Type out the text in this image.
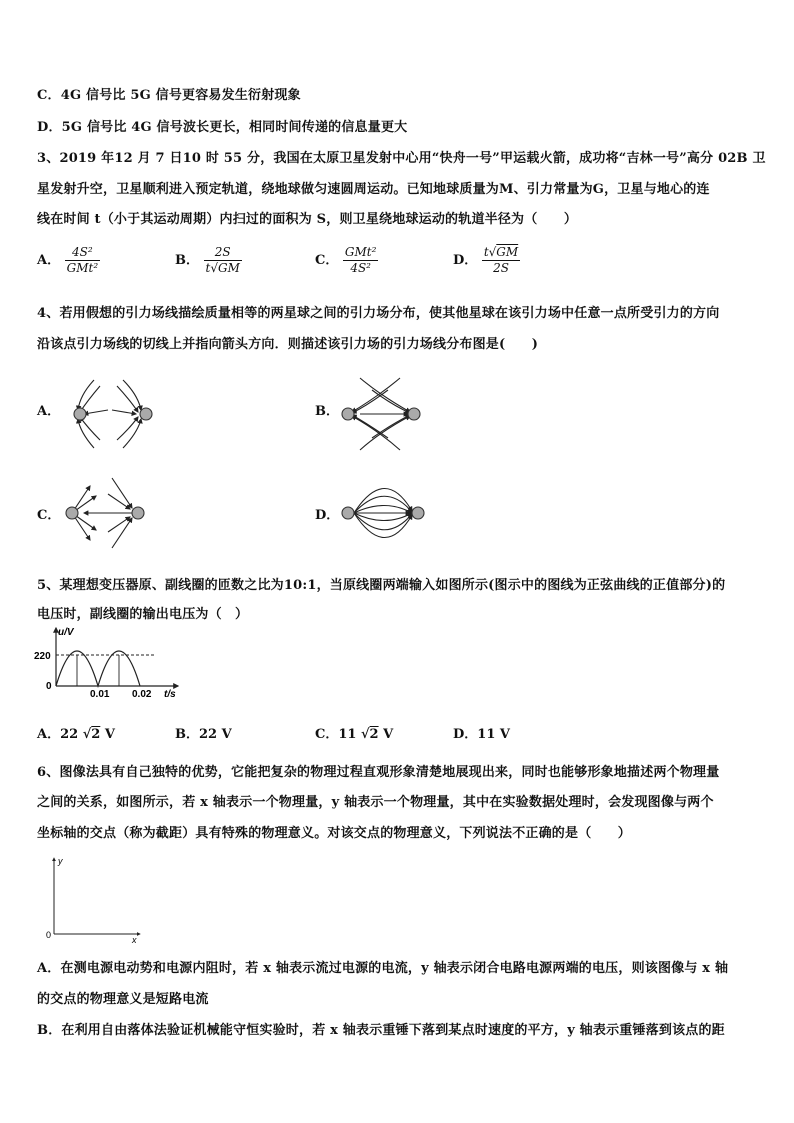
C．4G 信号比 5G 信号更容易发生衍射现象
D．5G 信号比 4G 信号波长更长，相同时间传递的信息量更大
3、2019 年12 月 7 日10 时 55 分，我国在太原卫星发射中心用“快舟一号”甲运载火箭，成功将“吉林一号”高分 02B 卫
星发射升空，卫星顺利进入预定轨道，绕地球做匀速圆周运动。已知地球质量为M、引力常量为G，卫星与地心的连
线在时间 t（小于其运动周期）内扫过的面积为 S，则卫星绕地球运动的轨道半径为（　　）
A． $\frac{\text{4S²}}{\text{GMt²}}$	B． $\frac{2S}{t√GM}$	C． $\frac{\text{GMt²}}{\text{4S²}}$	D． $\frac{t√GM}{2S}$
4、若用假想的引力场线描绘质量相等的两星球之间的引力场分布，使其他星球在该引力场中任意一点所受引力的方向
沿该点引力场线的切线上并指向箭头方向．则描述该引力场的引力场线分布图是(　　)
A．	B．
C．	D．
5、某理想变压器原、副线圈的匝数之比为10:1，当原线圈两端输入如图所示(图示中的图线为正弦曲线的正值部分)的
电压时，副线圈的输出电压为（　）
u/V
220
0
0.01 0.02 t/s
A．22 √2 V	B．22 V	C．11 √2 V	D．11 V
6、图像法具有自己独特的优势，它能把复杂的物理过程直观形象清楚地展现出来，同时也能够形象地描述两个物理量
之间的关系，如图所示，若 x 轴表示一个物理量，y 轴表示一个物理量，其中在实验数据处理时，会发现图像与两个
坐标轴的交点（称为截距）具有特殊的物理意义。对该交点的物理意义，下列说法不正确的是（　　）
y
0	x
A．在测电源电动势和电源内阻时，若 x 轴表示流过电源的电流，y 轴表示闭合电路电源两端的电压，则该图像与 x 轴
的交点的物理意义是短路电流
B．在利用自由落体法验证机械能守恒实验时，若 x 轴表示重锤下落到某点时速度的平方，y 轴表示重锤落到该点的距
